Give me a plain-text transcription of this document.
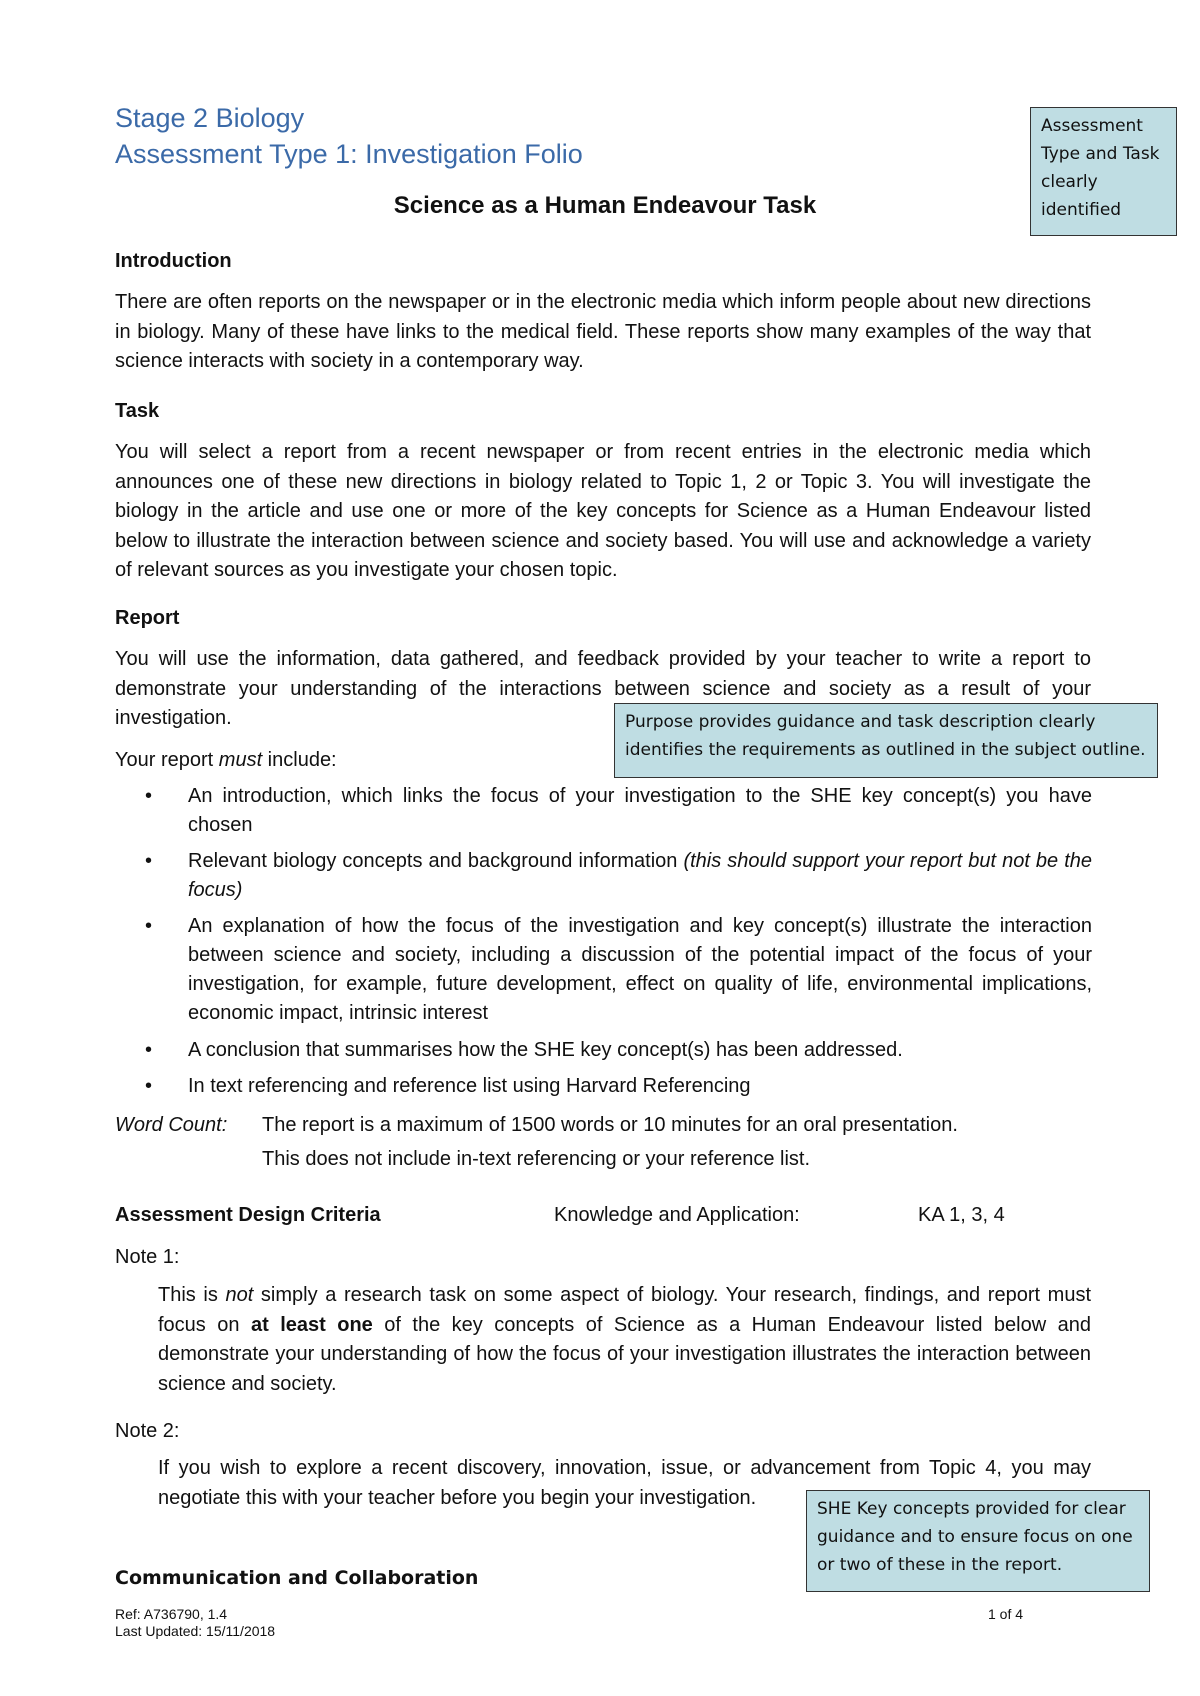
Stage 2 Biology
Assessment Type 1: Investigation Folio
Science as a Human Endeavour Task
Introduction
There are often reports on the newspaper or in the electronic media which inform people about new directions in biology. Many of these have links to the medical field. These reports show many examples of the way that science interacts with society in a contemporary way.
Task
You will select a report from a recent newspaper or from recent entries in the electronic media which announces one of these new directions in biology related to Topic 1, 2 or Topic 3. You will investigate the biology in the article and use one or more of the key concepts for Science as a Human Endeavour listed below to illustrate the interaction between science and society based. You will use and acknowledge a variety of relevant sources as you investigate your chosen topic.
Report
You will use the information, data gathered, and feedback provided by your teacher to write a report to demonstrate your understanding of the interactions between science and society as a result of your investigation.
Your report must include:
• An introduction, which links the focus of your investigation to the SHE key concept(s) you have chosen
• Relevant biology concepts and background information (this should support your report but not be the focus)
• An explanation of how the focus of the investigation and key concept(s) illustrate the interaction between science and society, including a discussion of the potential impact of the focus of your investigation, for example, future development, effect on quality of life, environmental implications, economic impact, intrinsic interest
• A conclusion that summarises how the SHE key concept(s) has been addressed.
• In text referencing and reference list using Harvard Referencing
Word Count: The report is a maximum of 1500 words or 10 minutes for an oral presentation.
This does not include in-text referencing or your reference list.
Assessment Design Criteria	Knowledge and Application:	KA 1, 3, 4
Note 1:
This is not simply a research task on some aspect of biology. Your research, findings, and report must focus on at least one of the key concepts of Science as a Human Endeavour listed below and demonstrate your understanding of how the focus of your investigation illustrates the interaction between science and society.
Note 2:
If you wish to explore a recent discovery, innovation, issue, or advancement from Topic 4, you may negotiate this with your teacher before you begin your investigation.
Communication and Collaboration
Ref: A736790, 1.4
Last Updated: 15/11/2018
1 of 4
Assessment Type and Task clearly identified
Purpose provides guidance and task description clearly identifies the requirements as outlined in the subject outline.
SHE Key concepts provided for clear guidance and to ensure focus on one or two of these in the report.
